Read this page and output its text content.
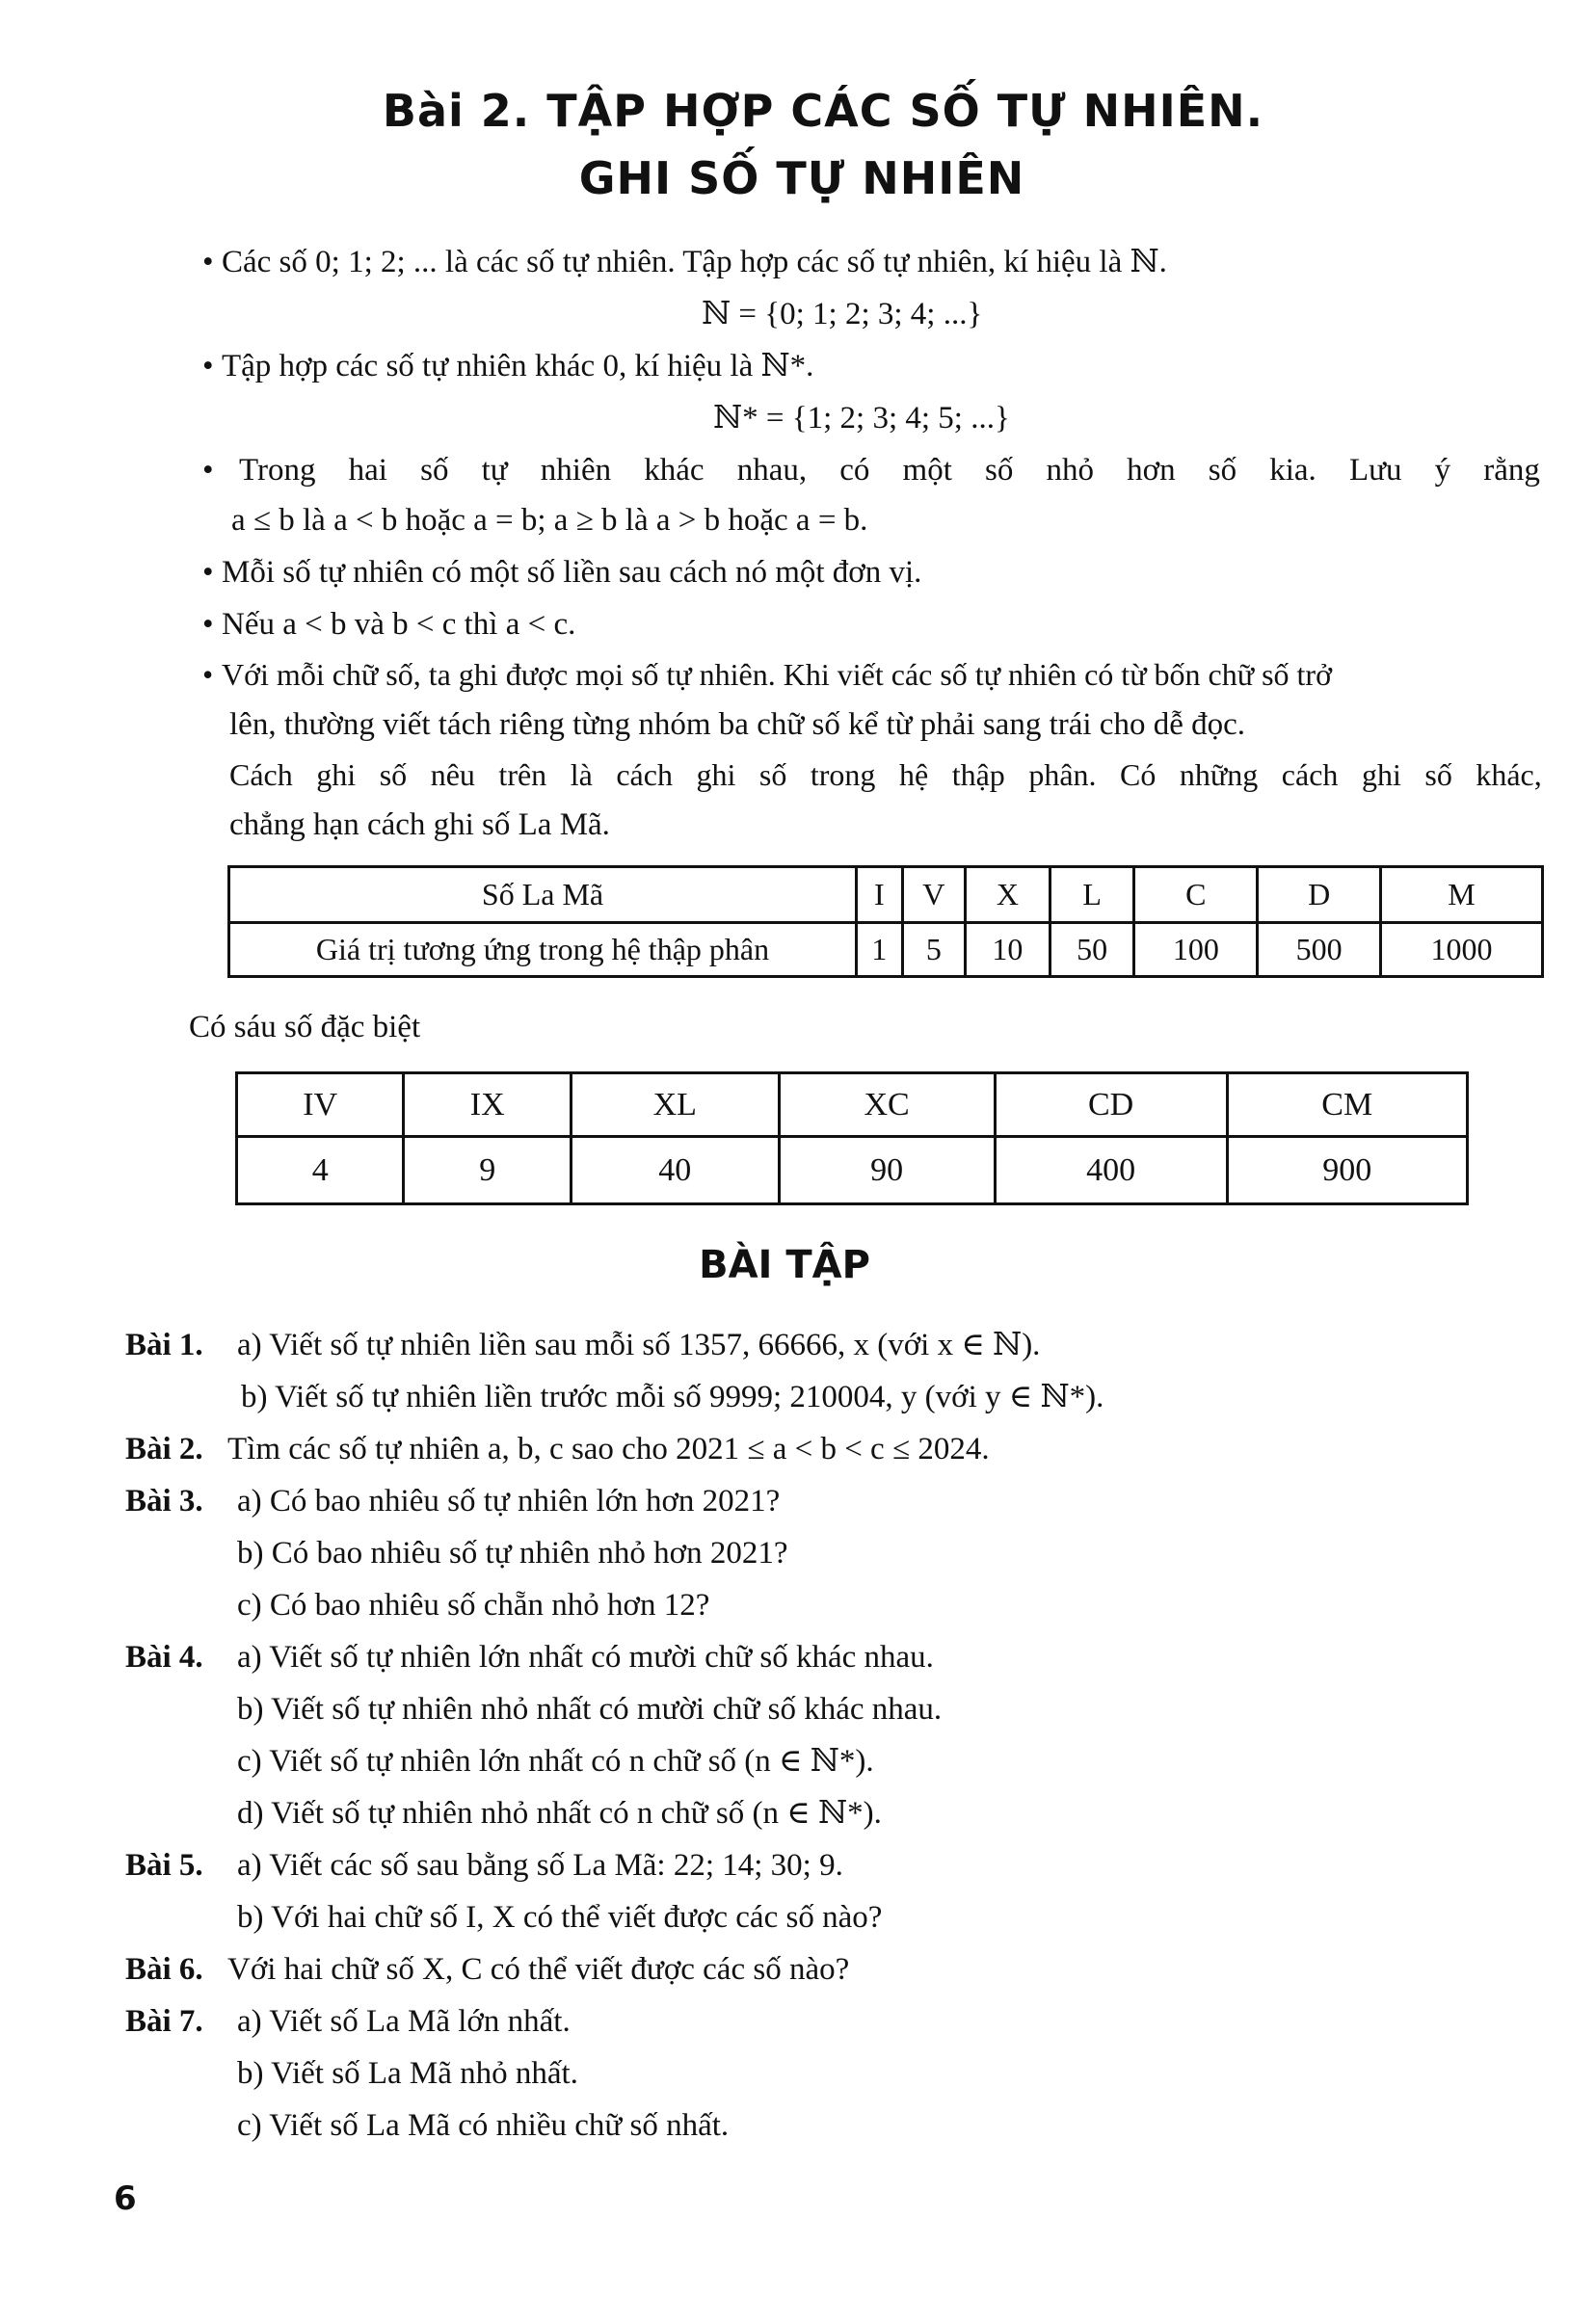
Bài 2. TẬP HỢP CÁC SỐ TỰ NHIÊN.
GHI SỐ TỰ NHIÊN
• Các số 0; 1; 2; ... là các số tự nhiên. Tập hợp các số tự nhiên, kí hiệu là ℕ.
ℕ = {0; 1; 2; 3; 4; ...}
• Tập hợp các số tự nhiên khác 0, kí hiệu là ℕ*.
ℕ* = {1; 2; 3; 4; 5; ...}
• Trong hai số tự nhiên khác nhau, có một số nhỏ hơn số kia. Lưu ý rằng
a ≤ b là a < b hoặc a = b; a ≥ b là a > b hoặc a = b.
• Mỗi số tự nhiên có một số liền sau cách nó một đơn vị.
• Nếu a < b và b < c thì a < c.
• Với mỗi chữ số, ta ghi được mọi số tự nhiên. Khi viết các số tự nhiên có từ bốn chữ số trở
lên, thường viết tách riêng từng nhóm ba chữ số kể từ phải sang trái cho dễ đọc.
Cách ghi số nêu trên là cách ghi số trong hệ thập phân. Có những cách ghi số khác,
chẳng hạn cách ghi số La Mã.
Số La Mã	I	V	X	L	C	D	M
Giá trị tương ứng trong hệ thập phân	1	5	10	50	100	500	1000
Có sáu số đặc biệt
IV	IX	XL	XC	CD	CM
4	9	40	90	400	900
BÀI TẬP
Bài 1. a) Viết số tự nhiên liền sau mỗi số 1357, 66666, x (với x ∈ ℕ).
b) Viết số tự nhiên liền trước mỗi số 9999; 210004, y (với y ∈ ℕ*).
Bài 2. Tìm các số tự nhiên a, b, c sao cho 2021 ≤ a < b < c ≤ 2024.
Bài 3. a) Có bao nhiêu số tự nhiên lớn hơn 2021?
b) Có bao nhiêu số tự nhiên nhỏ hơn 2021?
c) Có bao nhiêu số chẵn nhỏ hơn 12?
Bài 4. a) Viết số tự nhiên lớn nhất có mười chữ số khác nhau.
b) Viết số tự nhiên nhỏ nhất có mười chữ số khác nhau.
c) Viết số tự nhiên lớn nhất có n chữ số (n ∈ ℕ*).
d) Viết số tự nhiên nhỏ nhất có n chữ số (n ∈ ℕ*).
Bài 5. a) Viết các số sau bằng số La Mã: 22; 14; 30; 9.
b) Với hai chữ số I, X có thể viết được các số nào?
Bài 6. Với hai chữ số X, C có thể viết được các số nào?
Bài 7. a) Viết số La Mã lớn nhất.
b) Viết số La Mã nhỏ nhất.
c) Viết số La Mã có nhiều chữ số nhất.
6
